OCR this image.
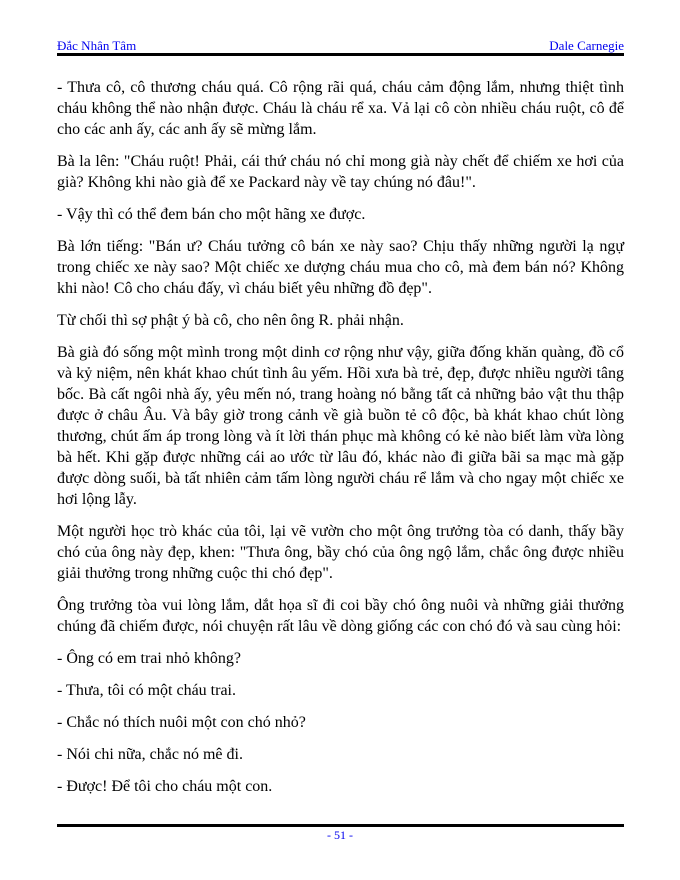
Đắc Nhân Tâm	Dale Carnegie

- Thưa cô, cô thương cháu quá. Cô rộng rãi quá, cháu cảm động lắm, nhưng thiệt tình cháu không thể nào nhận được. Cháu là cháu rể xa. Vả lại cô còn nhiều cháu ruột, cô để cho các anh ấy, các anh ấy sẽ mừng lắm.

Bà la lên: "Cháu ruột! Phải, cái thứ cháu nó chỉ mong già này chết để chiếm xe hơi của già? Không khi nào già để xe Packard này về tay chúng nó đâu!".

- Vậy thì có thể đem bán cho một hãng xe được.

Bà lớn tiếng: "Bán ư? Cháu tưởng cô bán xe này sao? Chịu thấy những người lạ ngự trong chiếc xe này sao? Một chiếc xe dượng cháu mua cho cô, mà đem bán nó? Không khi nào! Cô cho cháu đấy, vì cháu biết yêu những đồ đẹp".

Từ chối thì sợ phật ý bà cô, cho nên ông R. phải nhận.

Bà già đó sống một mình trong một dinh cơ rộng như vậy, giữa đống khăn quàng, đồ cổ và kỷ niệm, nên khát khao chút tình âu yếm. Hồi xưa bà trẻ, đẹp, được nhiều người tâng bốc. Bà cất ngôi nhà ấy, yêu mến nó, trang hoàng nó bằng tất cả những bảo vật thu thập được ở châu Âu. Và bây giờ trong cảnh về già buồn tẻ cô độc, bà khát khao chút lòng thương, chút ấm áp trong lòng và ít lời thán phục mà không có kẻ nào biết làm vừa lòng bà hết. Khi gặp được những cái ao ước từ lâu đó, khác nào đi giữa bãi sa mạc mà gặp được dòng suối, bà tất nhiên cảm tấm lòng người cháu rể lắm và cho ngay một chiếc xe hơi lộng lẫy.

Một người học trò khác của tôi, lại vẽ vườn cho một ông trưởng tòa có danh, thấy bầy chó của ông này đẹp, khen: "Thưa ông, bầy chó của ông ngộ lắm, chắc ông được nhiều giải thưởng trong những cuộc thi chó đẹp".

Ông trưởng tòa vui lòng lắm, dắt họa sĩ đi coi bầy chó ông nuôi và những giải thưởng chúng đã chiếm được, nói chuyện rất lâu về dòng giống các con chó đó và sau cùng hỏi:

- Ông có em trai nhỏ không?

- Thưa, tôi có một cháu trai.

- Chắc nó thích nuôi một con chó nhỏ?

- Nói chi nữa, chắc nó mê đi.

- Được! Để tôi cho cháu một con.

- 51 -
